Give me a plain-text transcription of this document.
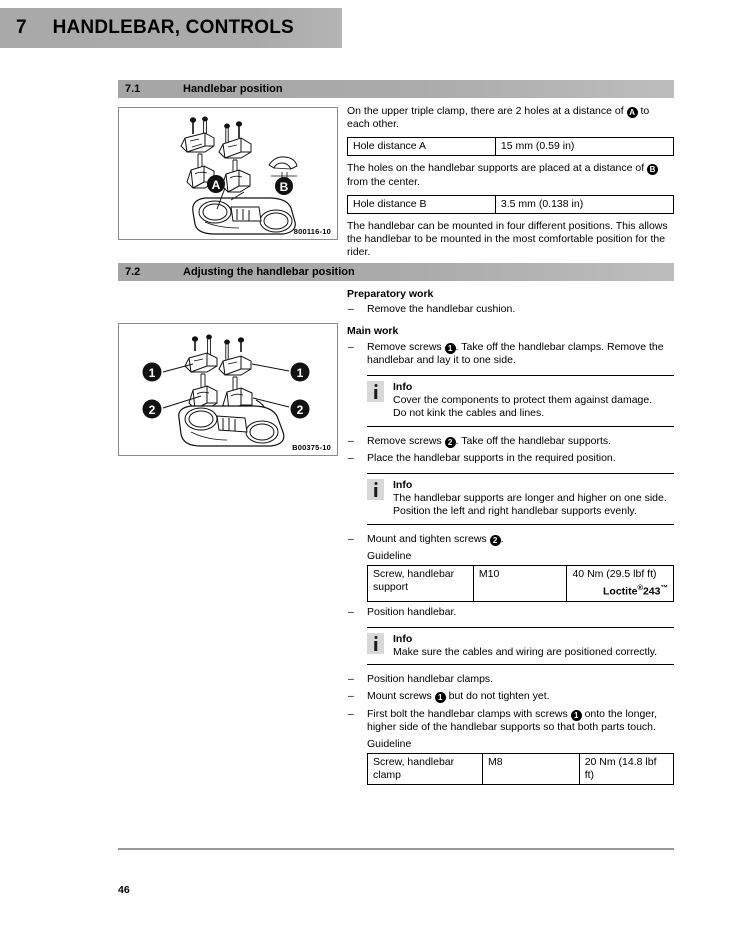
7 HANDLEBAR, CONTROLS
7.1	Handlebar position
A	B
800116-10

On the upper triple clamp, there are 2 holes at a distance of A to each other.

Hole distance A	15 mm (0.59 in)

The holes on the handlebar supports are placed at a distance of B from the center.

Hole distance B	3.5 mm (0.138 in)

The handlebar can be mounted in four different positions. This allows the handlebar to be mounted in the most comfortable position for the rider.

7.2	Adjusting the handlebar position
1	1
2	2
B00375-10

Preparatory work

– Remove the handlebar cushion.

Main work

– Remove screws 1 . Take off the handlebar clamps. Remove the handlebar and lay it to one side.

Info

Cover the components to protect them against damage.

Do not kink the cables and lines.

– Remove screws 2 . Take off the handlebar supports.
– Place the handlebar supports in the required position.

Info

The handlebar supports are longer and higher on one side.

Position the left and right handlebar supports evenly.

– Mount and tighten screws 2 .
Guideline
Screw, handlebar support	M10	40 Nm (29.5 lbf ft)

Loctite®243™
– Position handlebar.

Info

Make sure the cables and wiring are positioned correctly.

– Position handlebar clamps.
– Mount screws 1 but do not tighten yet.
– First bolt the handlebar clamps with screws 1 onto the longer, higher side of the handlebar supports so that both parts touch.
Guideline
Screw, handlebar clamp	M8	20 Nm (14.8 lbf ft)
46
